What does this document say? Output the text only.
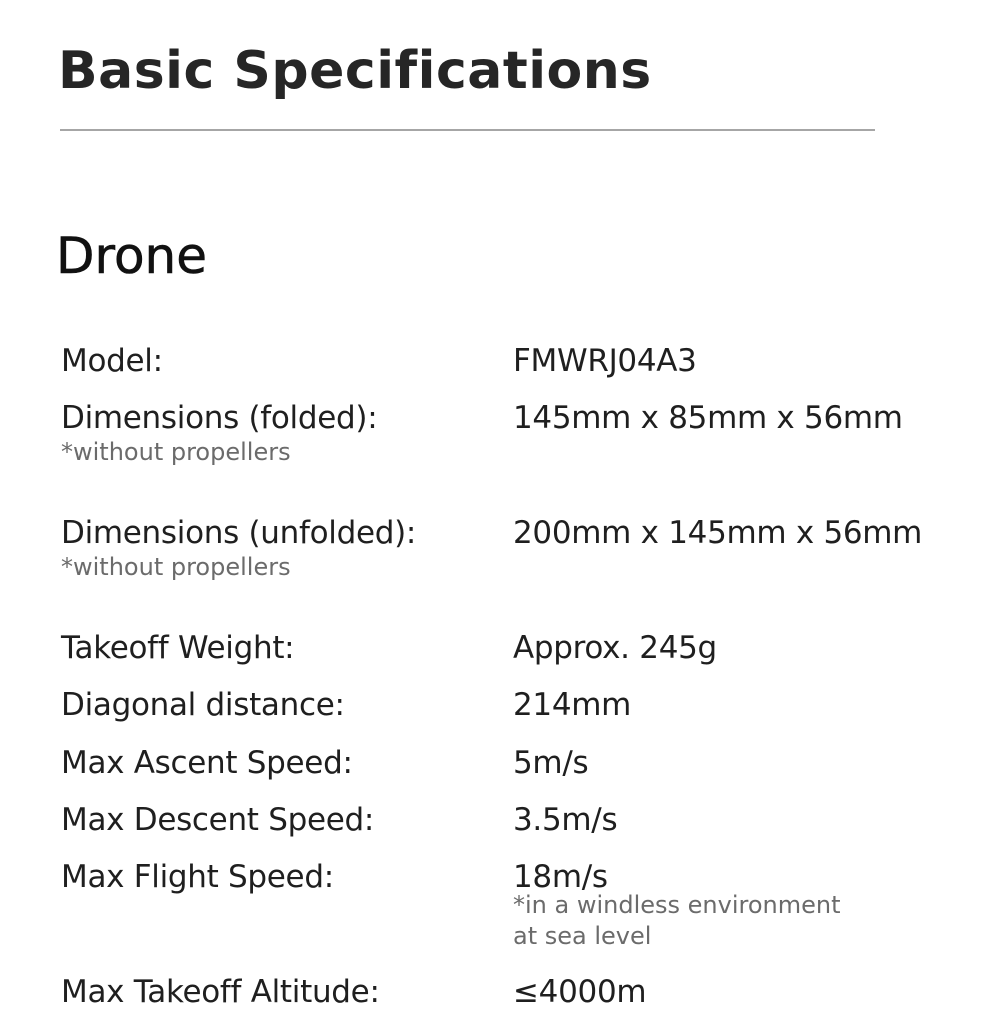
Basic Specifications
Drone
Model:	FMWRJ04A3
Dimensions (folded):	145mm x 85mm x 56mm
*without propellers
Dimensions (unfolded):	200mm x 145mm x 56mm
*without propellers
Takeoff Weight:	Approx. 245g
Diagonal distance:	214mm
Max Ascent Speed:	5m/s
Max Descent Speed:	3.5m/s
Max Flight Speed:	18m/s
*in a windless environment
at sea level
Max Takeoff Altitude:	≤4000m
